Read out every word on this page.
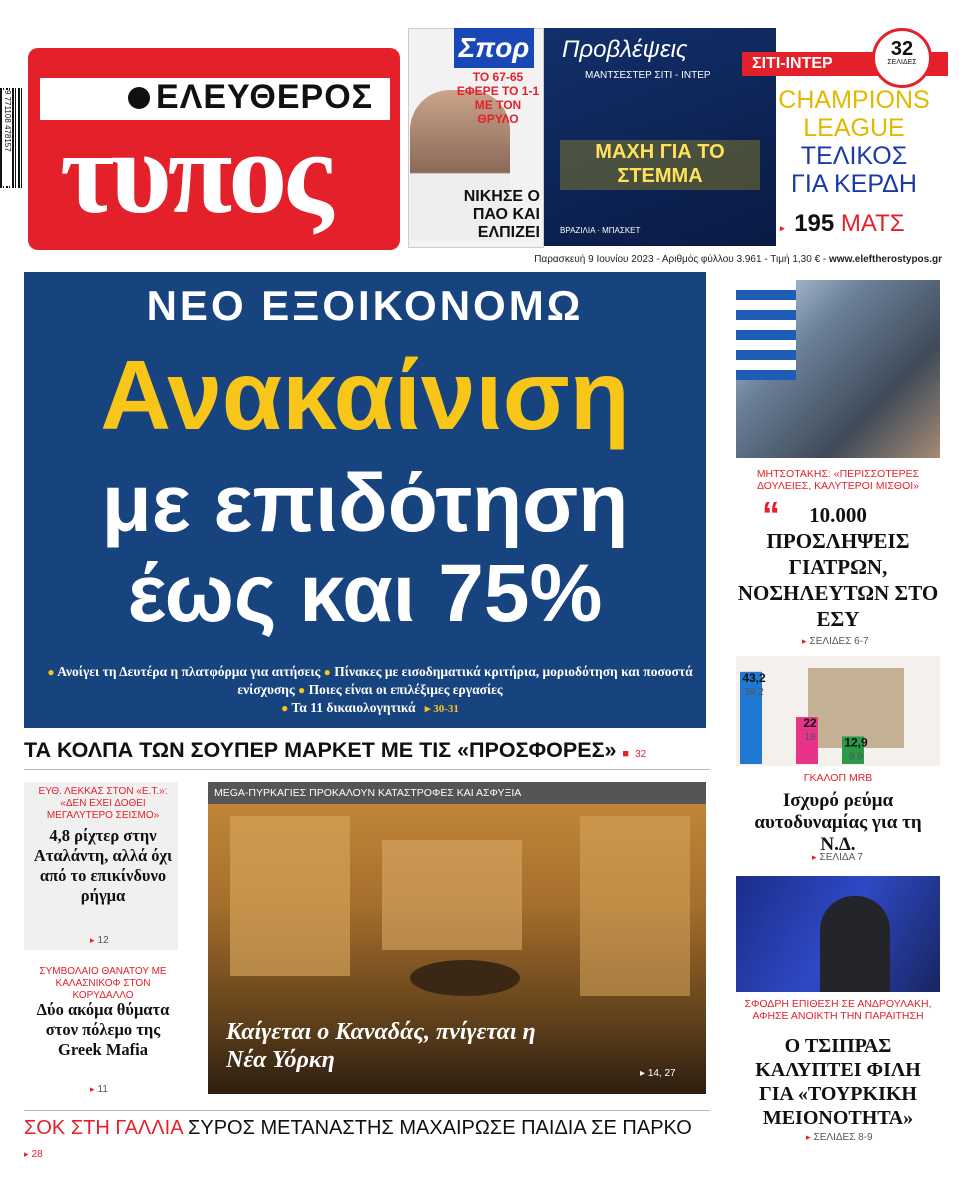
9 771108 478157	ΕΛΕΥΘΕΡΟΣ
τυπος
Σπορ
ΤΟ 67-65 ΕΦΕΡΕ ΤΟ 1-1 ΜΕ ΤΟΝ ΘΡΥΛΟ
ΝΙΚΗΣΕ Ο ΠΑΟ ΚΑΙ ΕΛΠΙΖΕΙ
Προβλέψεις
ΜΑΝΤΣΕΣΤΕΡ ΣΙΤΙ - ΙΝΤΕΡ
ΜΑΧΗ ΓΙΑ ΤΟ ΣΤΕΜΜΑ
ΒΡΑΖΙΛΙΑ · ΜΠΑΣΚΕΤ
ΣΙΤΙ-ΙΝΤΕΡ
32
ΣΕΛΙΔΕΣ
CHAMPIONS
LEAGUE
ΤΕΛΙΚΟΣ
ΓΙΑ ΚΕΡΔΗ
▸ 195 ΜΑΤΣ
Παρασκευή 9 Ιουνίου 2023 - Αριθμός φύλλου 3.961 - Τιμή 1,30 € - www.eleftherostypos.gr
ΝΕΟ ΕΞΟΙΚΟΝΟΜΩ
Ανακαίνιση
με επιδότηση
έως και 75%
● Ανοίγει τη Δευτέρα η πλατφόρμα για αιτήσεις ● Πίνακες με εισοδηματικά κριτήρια, μοριοδότηση και ποσοστά ενίσχυσης ● Ποιες είναι οι επιλέξιμες εργασίες
● Τα 11 δικαιολογητικά ▸ 30-31
ΤΑ ΚΟΛΠΑ ΤΩΝ ΣΟΥΠΕΡ ΜΑΡΚΕΤ ΜΕ ΤΙΣ «ΠΡΟΣΦΟΡΕΣ» ■ 32
ΕΥΘ. ΛΕΚΚΑΣ ΣΤΟΝ «Ε.Τ.»: «ΔΕΝ ΕΧΕΙ ΔΟΘΕΙ ΜΕΓΑΛΥΤΕΡΟ ΣΕΙΣΜΟ»
4,8 ρίχτερ στην Αταλάντη, αλλά όχι από το επικίνδυνο ρήγμα
▸ 12
ΣΥΜΒΟΛΑΙΟ ΘΑΝΑΤΟΥ ΜΕ ΚΑΛΑΣΝΙΚΟΦ ΣΤΟΝ ΚΟΡΥΔΑΛΛΟ
Δύο ακόμα θύματα στον πόλεμο της Greek Mafia
▸ 11
MEGA-ΠΥΡΚΑΓΙΕΣ ΠΡΟΚΑΛΟΥΝ ΚΑΤΑΣΤΡΟΦΕΣ ΚΑΙ ΑΣΦΥΞΙΑ
Καίγεται ο Καναδάς, πνίγεται η Νέα Υόρκη
▸ 14, 27
ΣΟΚ ΣΤΗ ΓΑΛΛΙΑ ΣΥΡΟΣ ΜΕΤΑΝΑΣΤΗΣ ΜΑΧΑΙΡΩΣΕ ΠΑΙΔΙΑ ΣΕ ΠΑΡΚΟ ▸ 28
ΜΗΤΣΟΤΑΚΗΣ: «ΠΕΡΙΣΣΟΤΕΡΕΣ ΔΟΥΛΕΙΕΣ, ΚΑΛΥΤΕΡΟΙ ΜΙΣΘΟΙ»
10.000 ΠΡΟΣΛΗΨΕΙΣ ΓΙΑΤΡΩΝ, ΝΟΣΗΛΕΥΤΩΝ ΣΤΟ ΕΣΥ
“
▸ ΣΕΛΙΔΕΣ 6-7
43,2
39,2
22
18 12,9
9,9
ΓΚΑΛΟΠ MRB
Ισχυρό ρεύμα αυτοδυναμίας για τη Ν.Δ.
▸ ΣΕΛΙΔΑ 7
ΣΦΟΔΡΗ ΕΠΙΘΕΣΗ ΣΕ ΑΝΔΡΟΥΛΑΚΗ, ΑΦΗΣΕ ΑΝΟΙΚΤΗ ΤΗΝ ΠΑΡΑΙΤΗΣΗ
Ο ΤΣΙΠΡΑΣ ΚΑΛΥΠΤΕΙ ΦΙΛΗ ΓΙΑ «ΤΟΥΡΚΙΚΗ ΜΕΙΟΝΟΤΗΤΑ»
▸ ΣΕΛΙΔΕΣ 8-9
